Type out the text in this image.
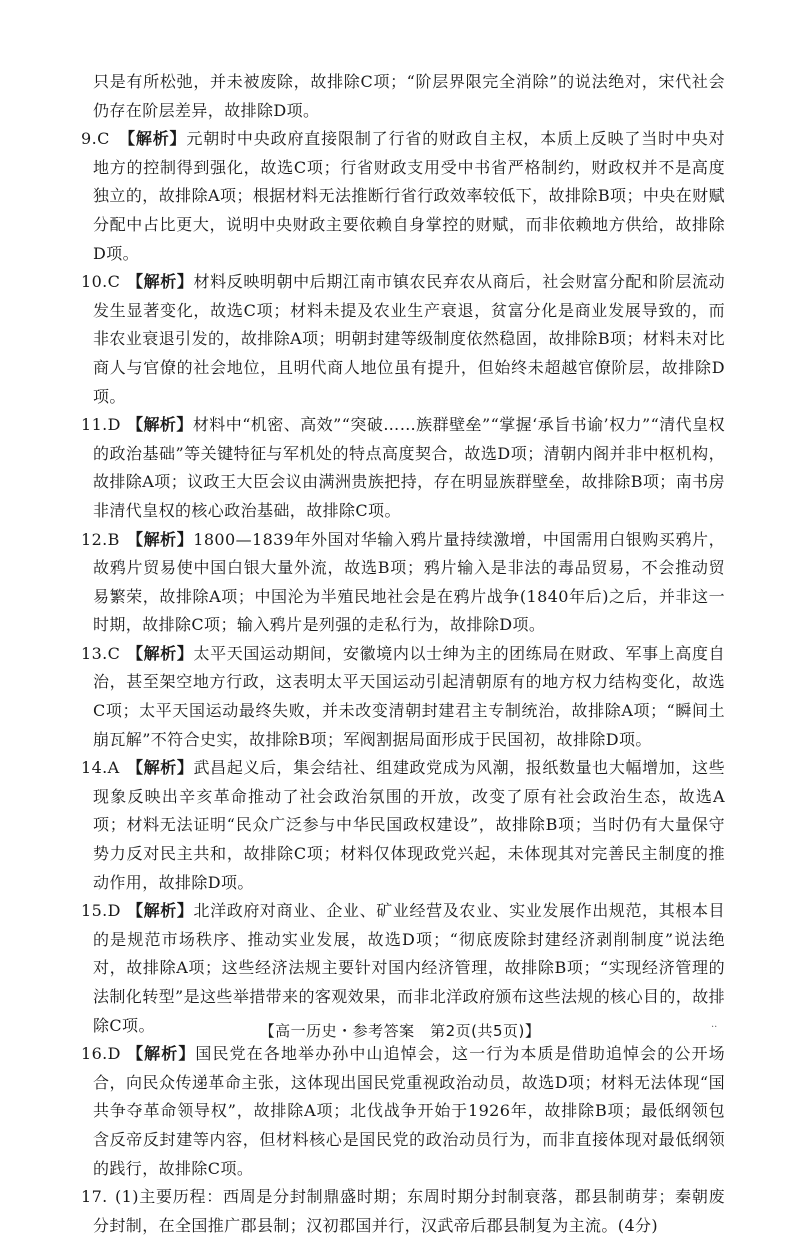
只是有所松弛，并未被废除，故排除C项；“阶层界限完全消除”的说法绝对，宋代社会仍存在阶层差异，故排除D项。

9.C 【解析】元朝时中央政府直接限制了行省的财政自主权，本质上反映了当时中央对地方的控制得到强化，故选C项；行省财政支用受中书省严格制约，财政权并不是高度独立的，故排除A项；根据材料无法推断行省行政效率较低下，故排除B项；中央在财赋分配中占比更大，说明中央财政主要依赖自身掌控的财赋，而非依赖地方供给，故排除D项。
10.C 【解析】材料反映明朝中后期江南市镇农民弃农从商后，社会财富分配和阶层流动发生显著变化，故选C项；材料未提及农业生产衰退，贫富分化是商业发展导致的，而非农业衰退引发的，故排除A项；明朝封建等级制度依然稳固，故排除B项；材料未对比商人与官僚的社会地位，且明代商人地位虽有提升，但始终未超越官僚阶层，故排除D项。
11.D 【解析】材料中“机密、高效”“突破……族群壁垒”“掌握‘承旨书谕’权力”“清代皇权的政治基础”等关键特征与军机处的特点高度契合，故选D项；清朝内阁并非中枢机构，故排除A项；议政王大臣会议由满洲贵族把持，存在明显族群壁垒，故排除B项；南书房非清代皇权的核心政治基础，故排除C项。
12.B 【解析】1800—1839年外国对华输入鸦片量持续激增，中国需用白银购买鸦片，故鸦片贸易使中国白银大量外流，故选B项；鸦片输入是非法的毒品贸易，不会推动贸易繁荣，故排除A项；中国沦为半殖民地社会是在鸦片战争(1840年后)之后，并非这一时期，故排除C项；输入鸦片是列强的走私行为，故排除D项。
13.C 【解析】太平天国运动期间，安徽境内以士绅为主的团练局在财政、军事上高度自治，甚至架空地方行政，这表明太平天国运动引起清朝原有的地方权力结构变化，故选C项；太平天国运动最终失败，并未改变清朝封建君主专制统治，故排除A项；“瞬间土崩瓦解”不符合史实，故排除B项；军阀割据局面形成于民国初，故排除D项。
14.A 【解析】武昌起义后，集会结社、组建政党成为风潮，报纸数量也大幅增加，这些现象反映出辛亥革命推动了社会政治氛围的开放，改变了原有社会政治生态，故选A项；材料无法证明“民众广泛参与中华民国政权建设”，故排除B项；当时仍有大量保守势力反对民主共和，故排除C项；材料仅体现政党兴起，未体现其对完善民主制度的推动作用，故排除D项。
15.D 【解析】北洋政府对商业、企业、矿业经营及农业、实业发展作出规范，其根本目的是规范市场秩序、推动实业发展，故选D项；“彻底废除封建经济剥削制度”说法绝对，故排除A项；这些经济法规主要针对国内经济管理，故排除B项；“实现经济管理的法制化转型”是这些举措带来的客观效果，而非北洋政府颁布这些法规的核心目的，故排除C项。
16.D 【解析】国民党在各地举办孙中山追悼会，这一行为本质是借助追悼会的公开场合，向民众传递革命主张，这体现出国民党重视政治动员，故选D项；材料无法体现“国共争夺革命领导权”，故排除A项；北伐战争开始于1926年，故排除B项；最低纲领包含反帝反封建等内容，但材料核心是国民党的政治动员行为，而非直接体现对最低纲领的践行，故排除C项。
17. (1)主要历程：西周是分封制鼎盛时期；东周时期分封制衰落，郡县制萌芽；秦朝废分封制，在全国推广郡县制；汉初郡国并行，汉武帝后郡县制复为主流。(4分)
【高一历史・参考答案　第2页(共5页)】	··
